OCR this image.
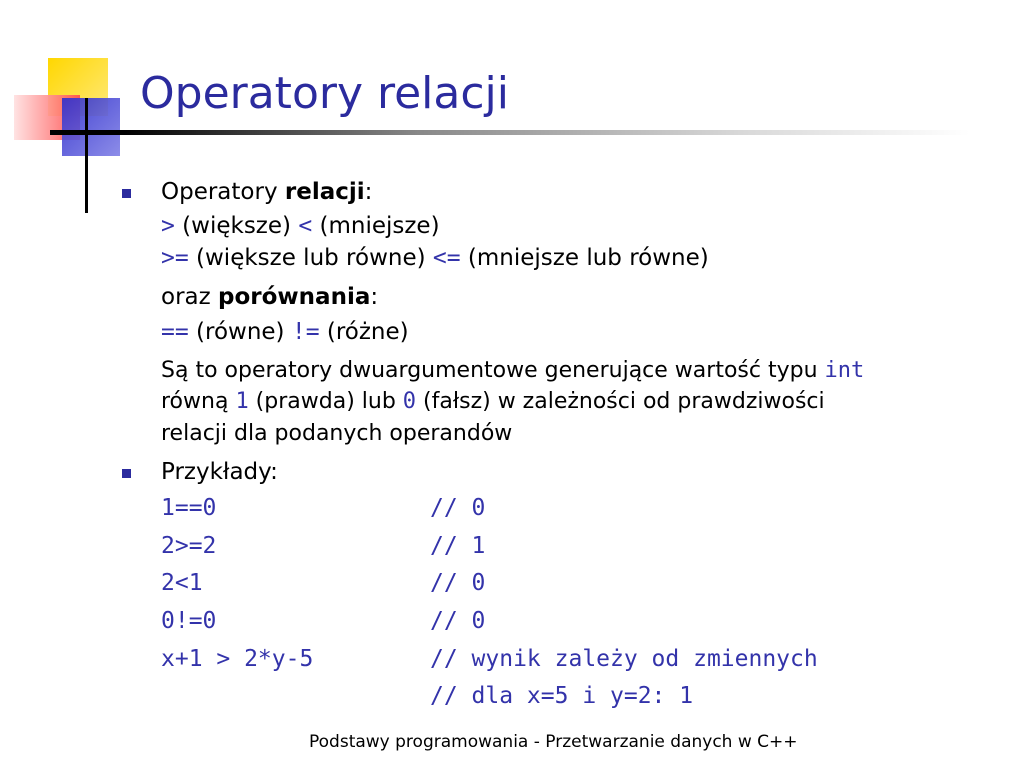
Operatory relacji
Operatory relacji:
> (większe) < (mniejsze)
>= (większe lub równe) <= (mniejsze lub równe)
oraz porównania:
== (równe) != (różne)
Są to operatory dwuargumentowe generujące wartość typu int
równą 1 (prawda) lub 0 (fałsz) w zależności od prawdziwości
relacji dla podanych operandów
Przykłady:
1==0	// 0
2>=2	// 1
2<1	// 0
0!=0	// 0
x+1 > 2*y-5	// wynik zależy od zmiennych
// dla x=5 i y=2: 1
Podstawy programowania - Przetwarzanie danych w C++
